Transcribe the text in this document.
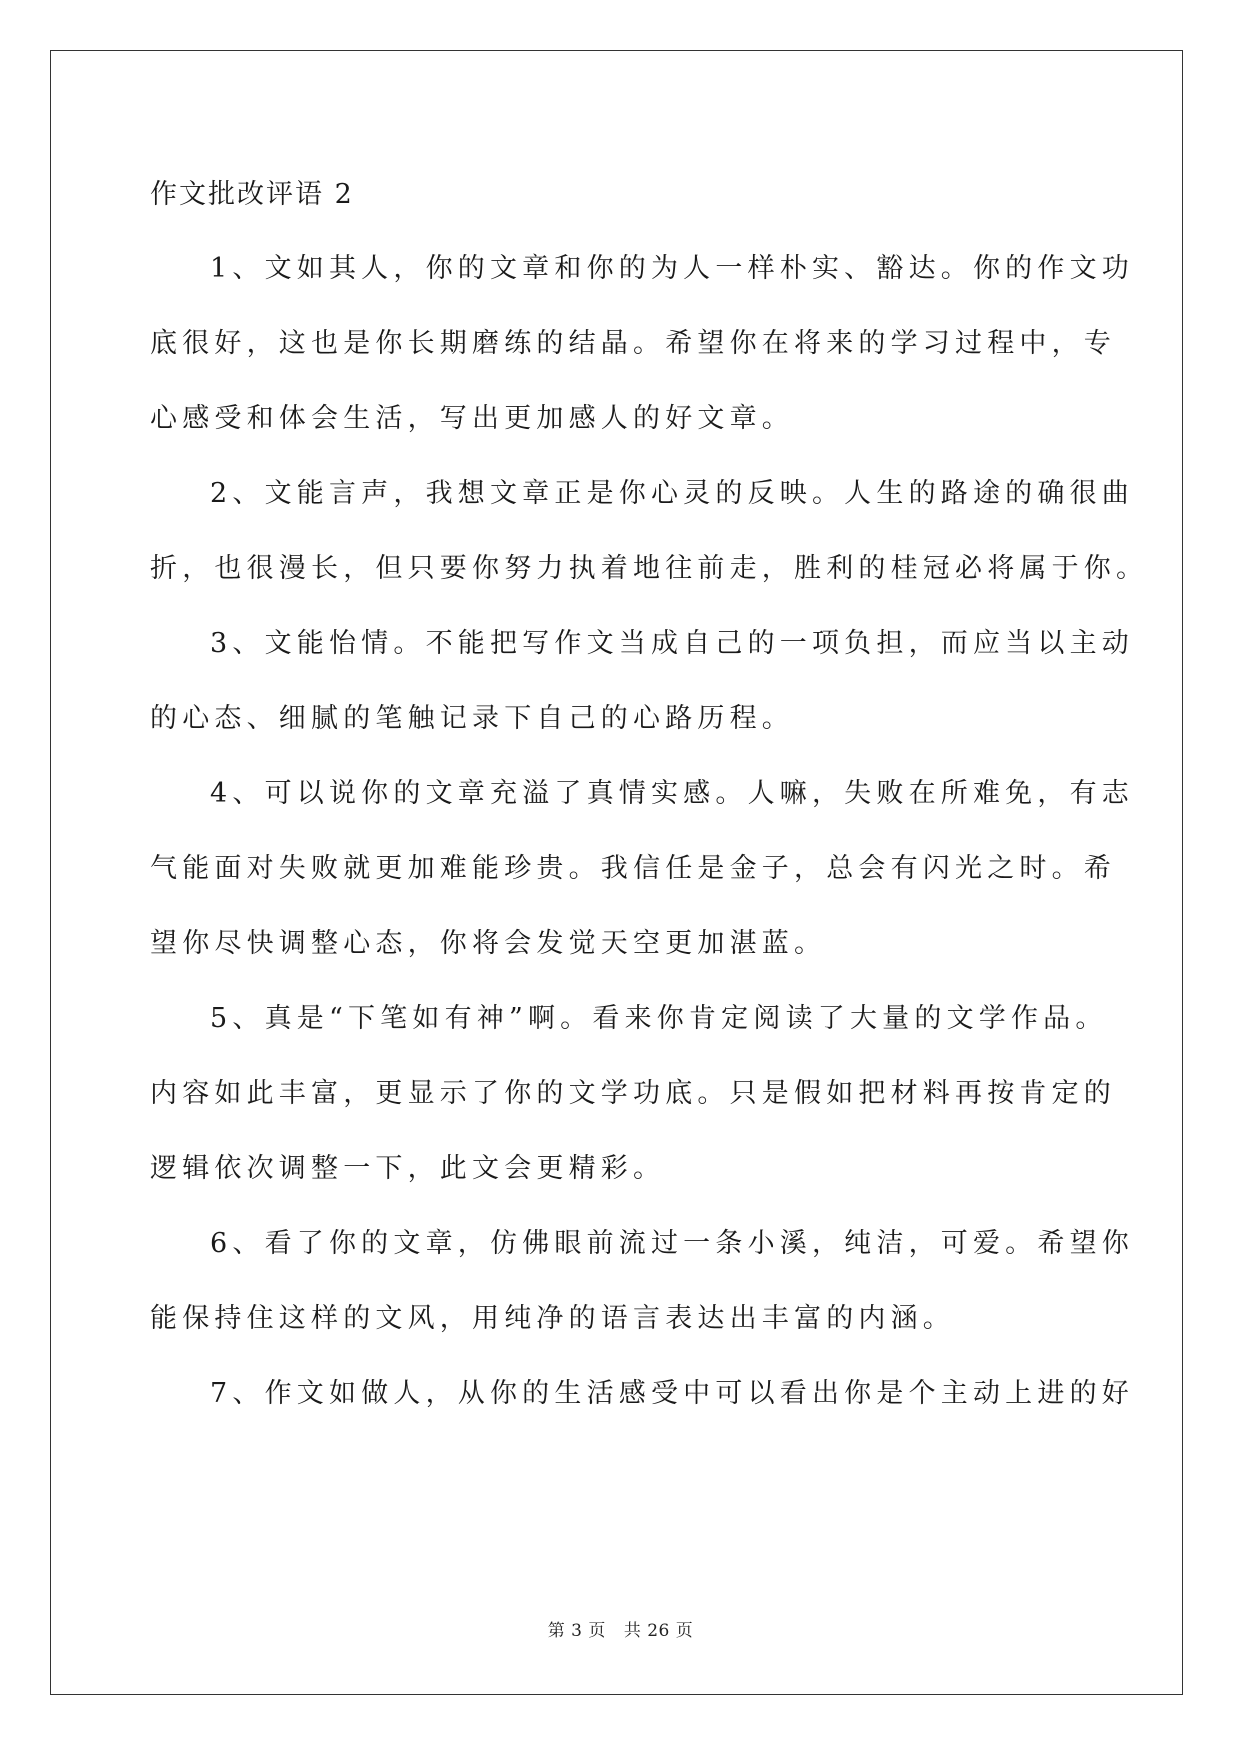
作文批改评语 2
1、文如其人，你的文章和你的为人一样朴实、豁达。你的作文功
底很好，这也是你长期磨练的结晶。希望你在将来的学习过程中，专
心感受和体会生活，写出更加感人的好文章。
2、文能言声，我想文章正是你心灵的反映。人生的路途的确很曲
折，也很漫长，但只要你努力执着地往前走，胜利的桂冠必将属于你。
3、文能怡情。不能把写作文当成自己的一项负担，而应当以主动
的心态、细腻的笔触记录下自己的心路历程。
4、可以说你的文章充溢了真情实感。人嘛，失败在所难免，有志
气能面对失败就更加难能珍贵。我信任是金子，总会有闪光之时。希
望你尽快调整心态，你将会发觉天空更加湛蓝。
5、真是“下笔如有神”啊。看来你肯定阅读了大量的文学作品。
内容如此丰富，更显示了你的文学功底。只是假如把材料再按肯定的
逻辑依次调整一下，此文会更精彩。
6、看了你的文章，仿佛眼前流过一条小溪，纯洁，可爱。希望你
能保持住这样的文风，用纯净的语言表达出丰富的内涵。
7、作文如做人，从你的生活感受中可以看出你是个主动上进的好
第 3 页 共 26 页
